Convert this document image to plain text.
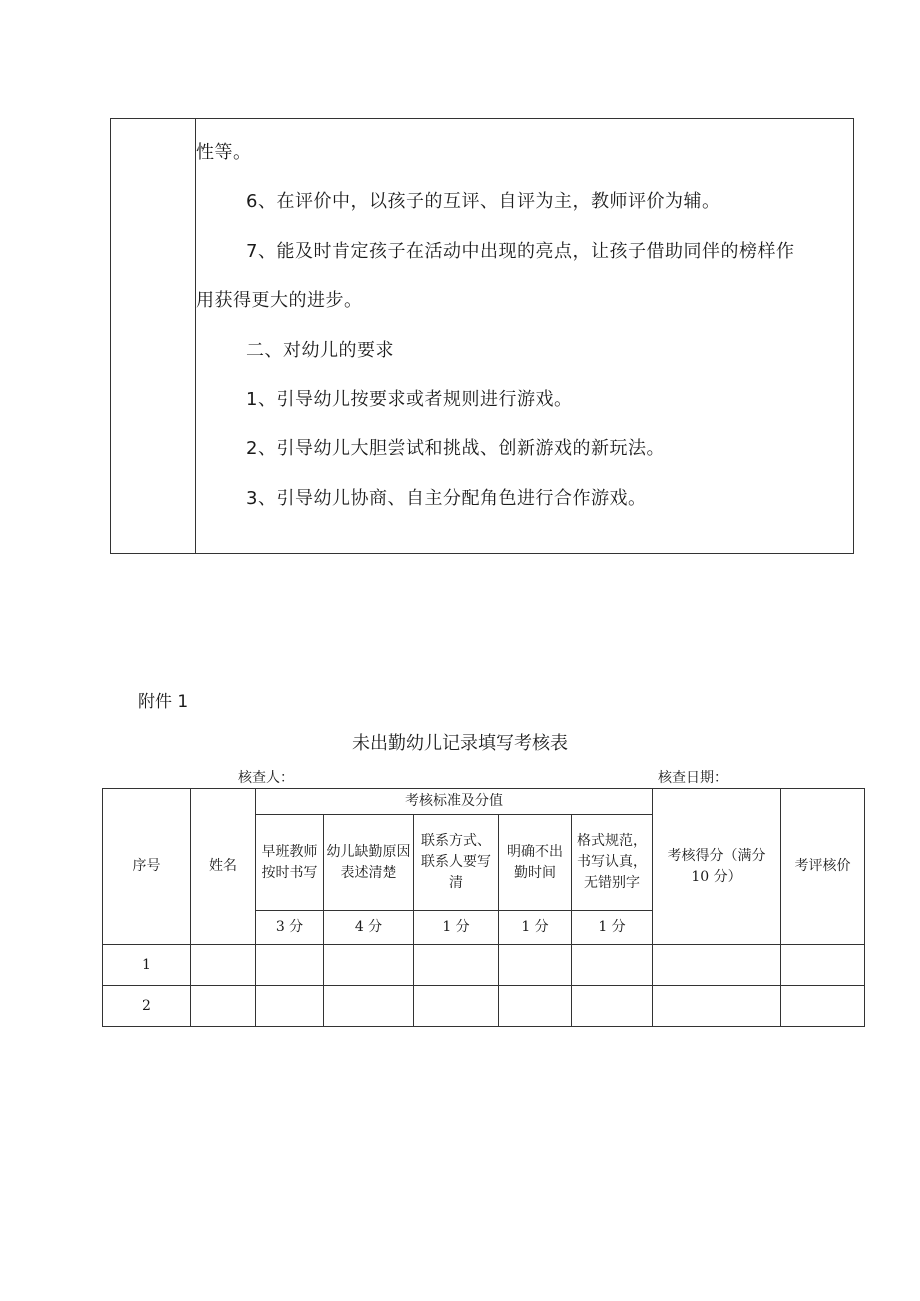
性等。
6、在评价中，以孩子的互评、自评为主，教师评价为辅。
7、能及时肯定孩子在活动中出现的亮点，让孩子借助同伴的榜样作
用获得更大的进步。
二、对幼儿的要求
1、引导幼儿按要求或者规则进行游戏。
2、引导幼儿大胆尝试和挑战、创新游戏的新玩法。
3、引导幼儿协商、自主分配角色进行合作游戏。
附件 1
未出勤幼儿记录填写考核表
核查人：	核查日期：
序号	姓名	考核标准及分值					考核得分（满分 10 分）	考评核价
		早班教师按时书写	幼儿缺勤原因表述清楚	联系方式、联系人要写清	明确不出勤时间	格式规范，书写认真，无错别字		
		3 分	4 分	1 分	1 分	1 分		
1								
2								
